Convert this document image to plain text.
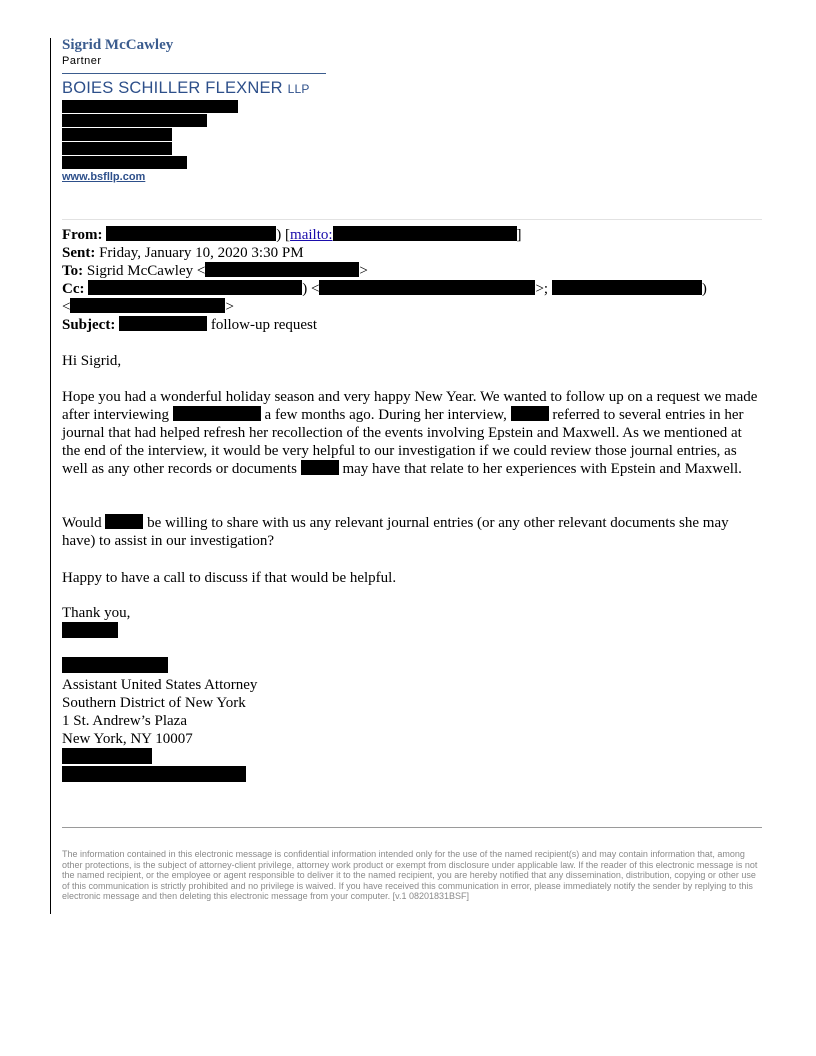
Sigrid McCawley
Partner
BOIES SCHILLER FLEXNER LLP
www.bsfllp.com
From:	) [mailto:	]
Sent: Friday, January 10, 2020 3:30 PM
To: Sigrid McCawley <	>
Cc:	) <	>;	)
<	>
Subject:	follow-up request
Hi Sigrid,
Hope you had a wonderful holiday season and very happy New Year. We wanted to follow up on a request we made after interviewing	a few months ago. During her interview,	referred to several entries in her journal that had helped refresh her recollection of the events involving Epstein and Maxwell. As we mentioned at the end of the interview, it would be very helpful to our investigation if we could review those journal entries, as well as any other records or documents	may have that relate to her experiences with Epstein and Maxwell.
Would	be willing to share with us any relevant journal entries (or any other relevant documents she may have) to assist in our investigation?
Happy to have a call to discuss if that would be helpful.
Thank you,
Assistant United States Attorney
Southern District of New York
1 St. Andrew’s Plaza
New York, NY 10007
The information contained in this electronic message is confidential information intended only for the use of the named recipient(s) and may contain information that, among other protections, is the subject of attorney-client privilege, attorney work product or exempt from disclosure under applicable law. If the reader of this electronic message is not the named recipient, or the employee or agent responsible to deliver it to the named recipient, you are hereby notified that any dissemination, distribution, copying or other use of this communication is strictly prohibited and no privilege is waived. If you have received this communication in error, please immediately notify the sender by replying to this electronic message and then deleting this electronic message from your computer. [v.1 08201831BSF]
